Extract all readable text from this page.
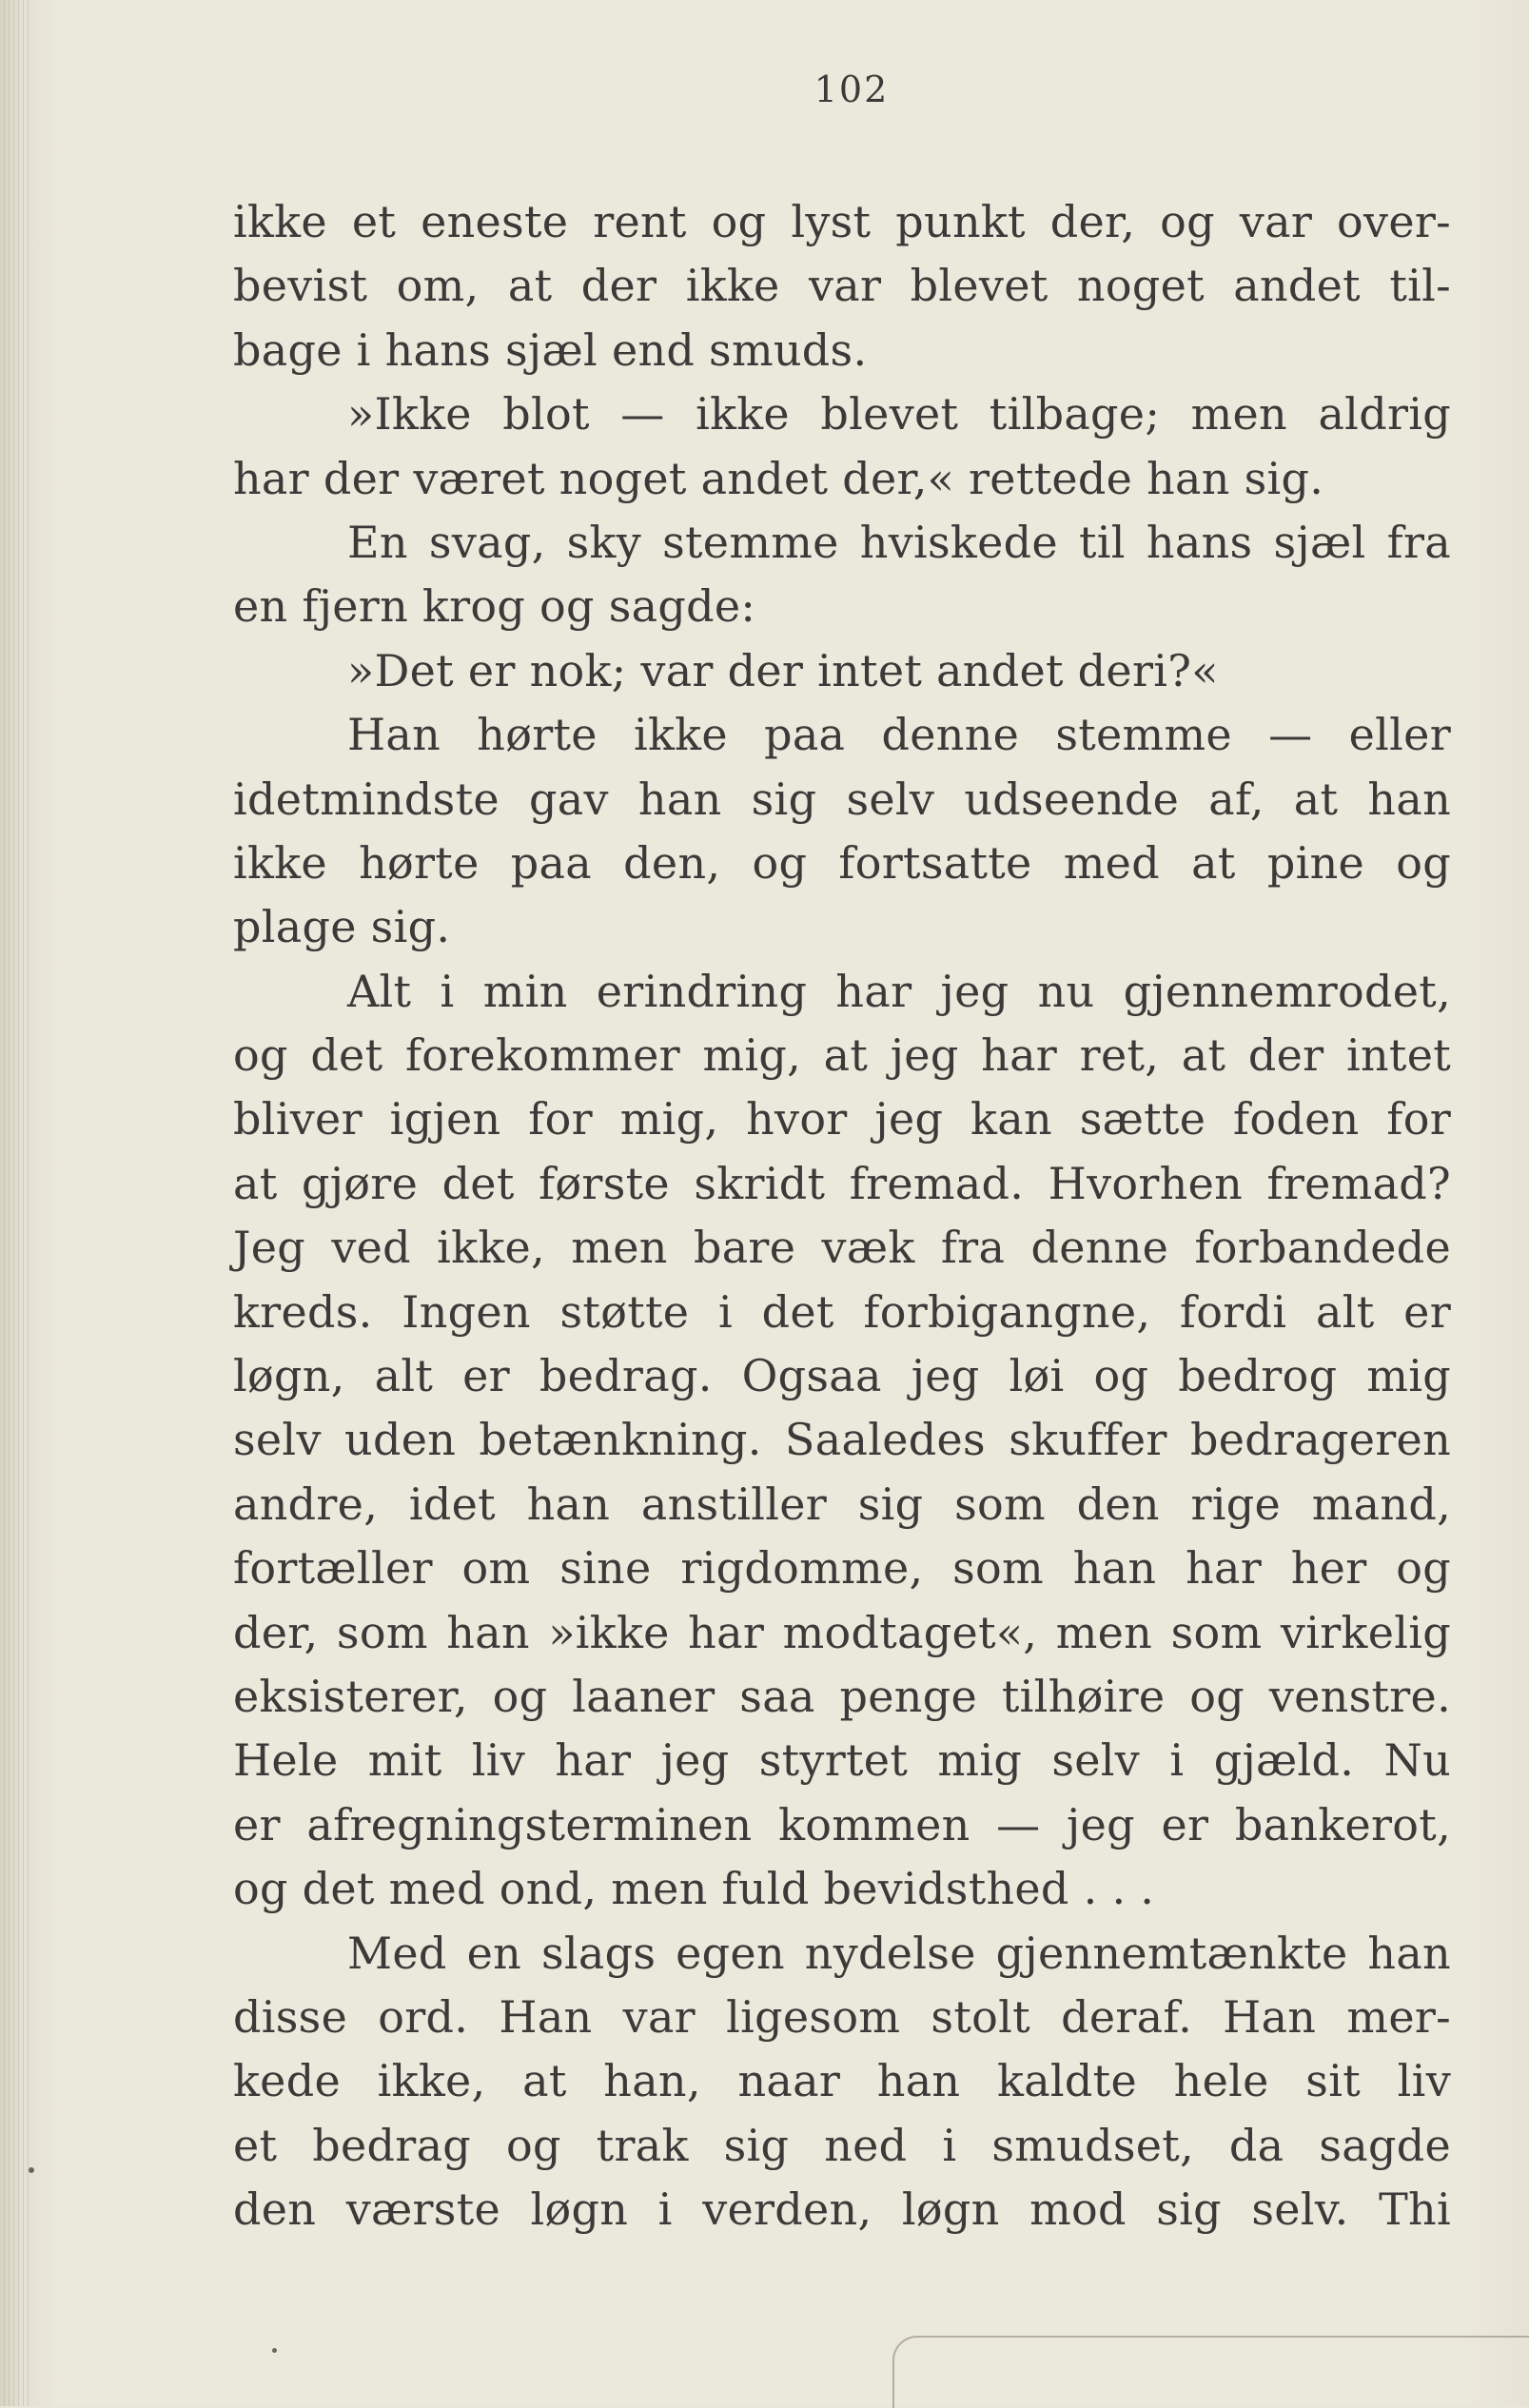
102
ikke et eneste rent og lyst punkt der, og var over-
bevist om, at der ikke var blevet noget andet til-
bage i hans sjæl end smuds.
»Ikke blot — ikke blevet tilbage; men aldrig
har der været noget andet der,« rettede han sig.
En svag, sky stemme hviskede til hans sjæl fra
en fjern krog og sagde:
»Det er nok; var der intet andet deri?«
Han hørte ikke paa denne stemme — eller
idetmindste gav han sig selv udseende af, at han
ikke hørte paa den, og fortsatte med at pine og
plage sig.
Alt i min erindring har jeg nu gjennemrodet,
og det forekommer mig, at jeg har ret, at der intet
bliver igjen for mig, hvor jeg kan sætte foden for
at gjøre det første skridt fremad. Hvorhen fremad?
Jeg ved ikke, men bare væk fra denne forbandede
kreds. Ingen støtte i det forbigangne, fordi alt er
løgn, alt er bedrag. Ogsaa jeg løi og bedrog mig
selv uden betænkning. Saaledes skuffer bedrageren
andre, idet han anstiller sig som den rige mand,
fortæller om sine rigdomme, som han har her og
der, som han »ikke har modtaget«, men som virkelig
eksisterer, og laaner saa penge tilhøire og venstre.
Hele mit liv har jeg styrtet mig selv i gjæld. Nu
er afregningsterminen kommen — jeg er bankerot,
og det med ond, men fuld bevidsthed . . .
Med en slags egen nydelse gjennemtænkte han
disse ord. Han var ligesom stolt deraf. Han mer-
kede ikke, at han, naar han kaldte hele sit liv
et bedrag og trak sig ned i smudset, da sagde
den værste løgn i verden, løgn mod sig selv. Thi
